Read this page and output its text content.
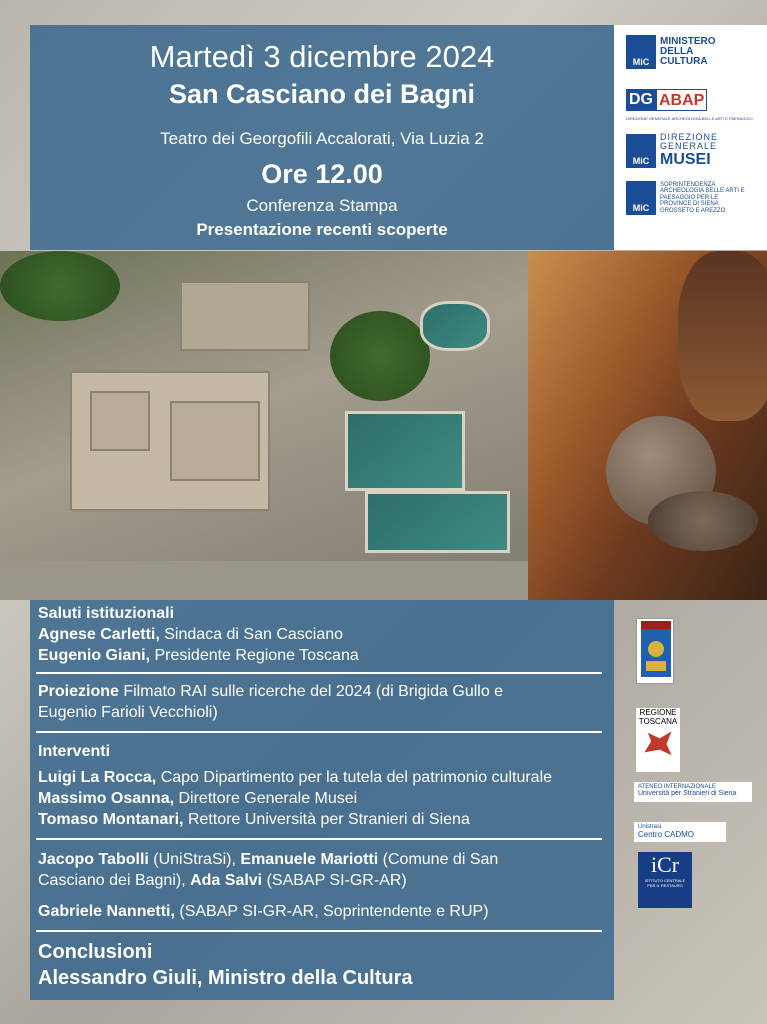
Martedì 3 dicembre 2024
San Casciano dei Bagni
Teatro dei Georgofili Accalorati, Via Luzia 2
Ore 12.00
Conferenza Stampa
Presentazione recenti scoperte
MiC
MINISTERO
DELLA
CULTURA
DG ABAP
DIREZIONE GENERALE ARCHEOLOGIA BELLE ARTI E PAESAGGIO
MiC
DIREZIONE
GENERALE
MUSEI
MiC
SOPRINTENDENZA ARCHEOLOGIA BELLE ARTI E PAESAGGIO PER LE PROVINCE DI SIENA GROSSETO E AREZZO
Saluti istituzionali
Agnese Carletti, Sindaca di San Casciano
Eugenio Giani, Presidente Regione Toscana
Proiezione Filmato RAI sulle ricerche del 2024 (di Brigida Gullo e
Eugenio Farioli Vecchioli)
Interventi
Luigi La Rocca, Capo Dipartimento per la tutela del patrimonio culturale
Massimo Osanna, Direttore Generale Musei
Tomaso Montanari, Rettore Università per Stranieri di Siena
Jacopo Tabolli (UniStraSi), Emanuele Mariotti (Comune di San
Casciano dei Bagni), Ada Salvi (SABAP SI-GR-AR)
Gabriele Nannetti, (SABAP SI-GR-AR, Soprintendente e RUP)
Conclusioni
Alessandro Giuli, Ministro della Cultura
REGIONE
TOSCANA
ATENEO INTERNAZIONALE
Università per Stranieri di Siena
Unistrasi
Centro CADMO
iCr
ISTITUTO CENTRALE PER IL RESTAURO
